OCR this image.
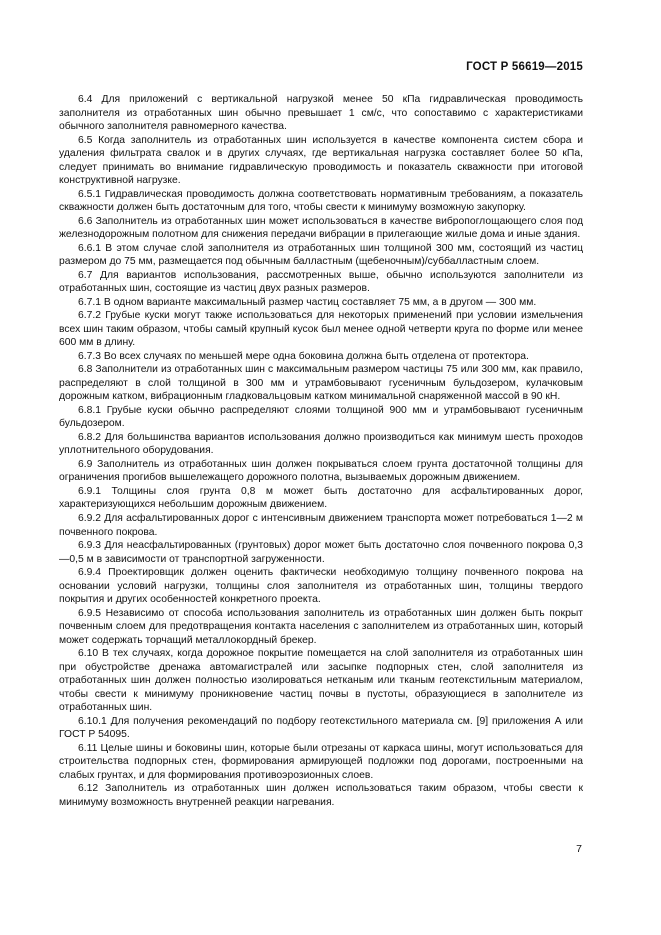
ГОСТ Р 56619—2015

6.4 Для приложений с вертикальной нагрузкой менее 50 кПа гидравлическая проводимость заполнителя из отработанных шин обычно превышает 1 см/с, что сопоставимо с характеристиками обычного заполнителя равномерного качества.

6.5 Когда заполнитель из отработанных шин используется в качестве компонента систем сбора и удаления фильтрата свалок и в других случаях, где вертикальная нагрузка составляет более 50 кПа, следует принимать во внимание гидравлическую проводимость и показатель скважности при итоговой конструктивной нагрузке.

6.5.1 Гидравлическая проводимость должна соответствовать нормативным требованиям, а показатель скважности должен быть достаточным для того, чтобы свести к минимуму возможную закупорку.

6.6 Заполнитель из отработанных шин может использоваться в качестве вибропоглощающего слоя под железнодорожным полотном для снижения передачи вибрации в прилегающие жилые дома и иные здания.

6.6.1 В этом случае слой заполнителя из отработанных шин толщиной 300 мм, состоящий из частиц размером до 75 мм, размещается под обычным балластным (щебеночным)/суббалластным слоем.

6.7 Для вариантов использования, рассмотренных выше, обычно используются заполнители из отработанных шин, состоящие из частиц двух разных размеров.

6.7.1 В одном варианте максимальный размер частиц составляет 75 мм, а в другом — 300 мм.

6.7.2 Грубые куски могут также использоваться для некоторых применений при условии измельчения всех шин таким образом, чтобы самый крупный кусок был менее одной четверти круга по форме или менее 600 мм в длину.

6.7.3 Во всех случаях по меньшей мере одна боковина должна быть отделена от протектора.

6.8 Заполнители из отработанных шин с максимальным размером частицы 75 или 300 мм, как правило, распределяют в слой толщиной в 300 мм и утрамбовывают гусеничным бульдозером, кулачковым дорожным катком, вибрационным гладковальцовым катком минимальной снаряженной массой в 90 кН.

6.8.1 Грубые куски обычно распределяют слоями толщиной 900 мм и утрамбовывают гусеничным бульдозером.

6.8.2 Для большинства вариантов использования должно производиться как минимум шесть проходов уплотнительного оборудования.

6.9 Заполнитель из отработанных шин должен покрываться слоем грунта достаточной толщины для ограничения прогибов вышележащего дорожного полотна, вызываемых дорожным движением.

6.9.1 Толщины слоя грунта 0,8 м может быть достаточно для асфальтированных дорог, характеризующихся небольшим дорожным движением.

6.9.2 Для асфальтированных дорог с интенсивным движением транспорта может потребоваться 1—2 м почвенного покрова.

6.9.3 Для неасфальтированных (грунтовых) дорог может быть достаточно слоя почвенного покрова 0,3—0,5 м в зависимости от транспортной загруженности.

6.9.4 Проектировщик должен оценить фактически необходимую толщину почвенного покрова на основании условий нагрузки, толщины слоя заполнителя из отработанных шин, толщины твердого покрытия и других особенностей конкретного проекта.

6.9.5 Независимо от способа использования заполнитель из отработанных шин должен быть покрыт почвенным слоем для предотвращения контакта населения с заполнителем из отработанных шин, который может содержать торчащий металлокордный брекер.

6.10 В тех случаях, когда дорожное покрытие помещается на слой заполнителя из отработанных шин при обустройстве дренажа автомагистралей или засыпке подпорных стен, слой заполнителя из отработанных шин должен полностью изолироваться нетканым или тканым геотекстильным материалом, чтобы свести к минимуму проникновение частиц почвы в пустоты, образующиеся в заполнителе из отработанных шин.

6.10.1 Для получения рекомендаций по подбору геотекстильного материала см. [9] приложения А или ГОСТ Р 54095.

6.11 Целые шины и боковины шин, которые были отрезаны от каркаса шины, могут использоваться для строительства подпорных стен, формирования армирующей подложки под дорогами, построенными на слабых грунтах, и для формирования противоэрозионных слоев.

6.12 Заполнитель из отработанных шин должен использоваться таким образом, чтобы свести к минимуму возможность внутренней реакции нагревания.

7
